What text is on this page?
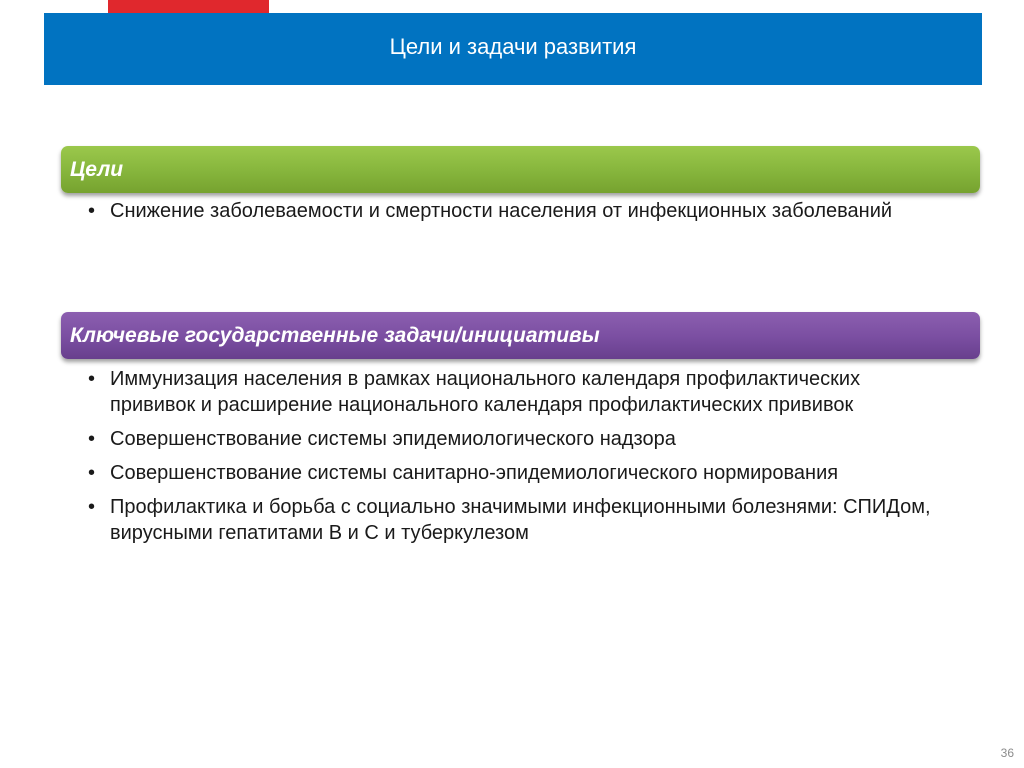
Цели и задачи развития
Цели
• Снижение заболеваемости и смертности населения от инфекционных заболеваний
Ключевые государственные задачи/инициативы
• Иммунизация населения в рамках национального календаря профилактических прививок и расширение национального календаря профилактических прививок
• Совершенствование системы эпидемиологического надзора
• Совершенствование системы санитарно-эпидемиологического нормирования
• Профилактика и борьба с социально значимыми инфекционными болезнями: СПИДом, вирусными гепатитами В и С и туберкулезом
36
